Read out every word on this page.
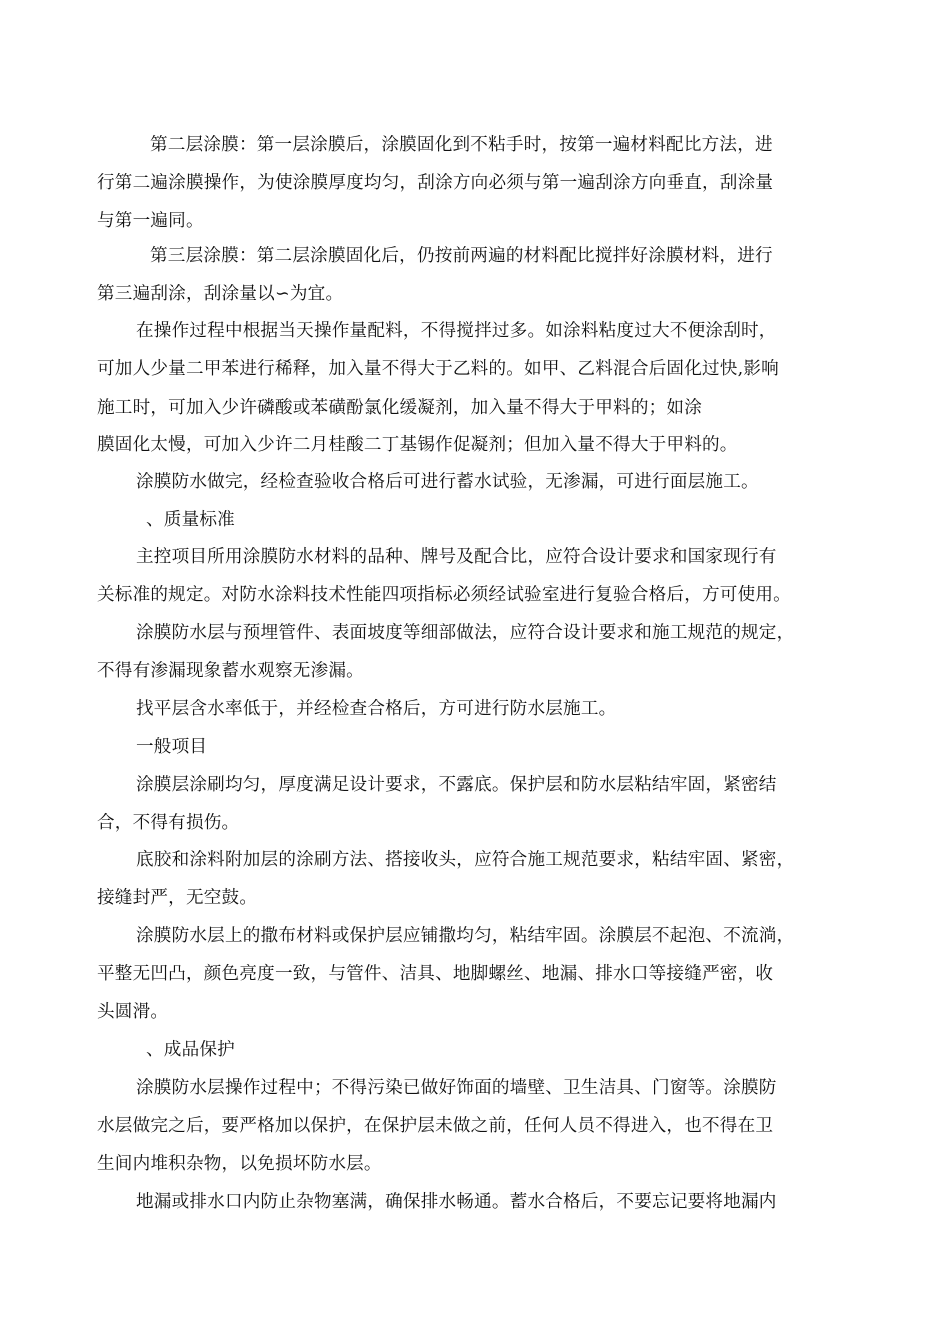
第二层涂膜：第一层涂膜后，涂膜固化到不粘手时，按第一遍材料配比方法，进
行第二遍涂膜操作，为使涂膜厚度均匀，刮涂方向必须与第一遍刮涂方向垂直，刮涂量
与第一遍同。
第三层涂膜：第二层涂膜固化后，仍按前两遍的材料配比搅拌好涂膜材料，进行
第三遍刮涂，刮涂量以∽为宜。
在操作过程中根据当天操作量配料，不得搅拌过多。如涂料粘度过大不便涂刮时，
可加人少量二甲苯进行稀释，加入量不得大于乙料的。如甲、乙料混合后固化过快,影响
施工时，可加入少许磷酸或苯磺酚氯化缓凝剂，加入量不得大于甲料的；如涂
膜固化太慢，可加入少许二月桂酸二丁基锡作促凝剂；但加入量不得大于甲料的。
涂膜防水做完，经检查验收合格后可进行蓄水试验，无渗漏，可进行面层施工。
、质量标准
主控项目所用涂膜防水材料的品种、牌号及配合比，应符合设计要求和国家现行有
关标准的规定。对防水涂料技术性能四项指标必须经试验室进行复验合格后，方可使用。
涂膜防水层与预埋管件、表面坡度等细部做法，应符合设计要求和施工规范的规定，
不得有渗漏现象蓄水观察无渗漏。
找平层含水率低于，并经检查合格后，方可进行防水层施工。
一般项目
涂膜层涂刷均匀，厚度满足设计要求，不露底。保护层和防水层粘结牢固，紧密结
合，不得有损伤。
底胶和涂料附加层的涂刷方法、搭接收头，应符合施工规范要求，粘结牢固、紧密，
接缝封严，无空鼓。
涂膜防水层上的撒布材料或保护层应铺撒均匀，粘结牢固。涂膜层不起泡、不流淌，
平整无凹凸，颜色亮度一致，与管件、洁具、地脚螺丝、地漏、排水口等接缝严密，收
头圆滑。
、成品保护
涂膜防水层操作过程中；不得污染已做好饰面的墙壁、卫生洁具、门窗等。涂膜防
水层做完之后，要严格加以保护，在保护层未做之前，任何人员不得进入，也不得在卫
生间内堆积杂物，以免损坏防水层。
地漏或排水口内防止杂物塞满，确保排水畅通。蓄水合格后，不要忘记要将地漏内
